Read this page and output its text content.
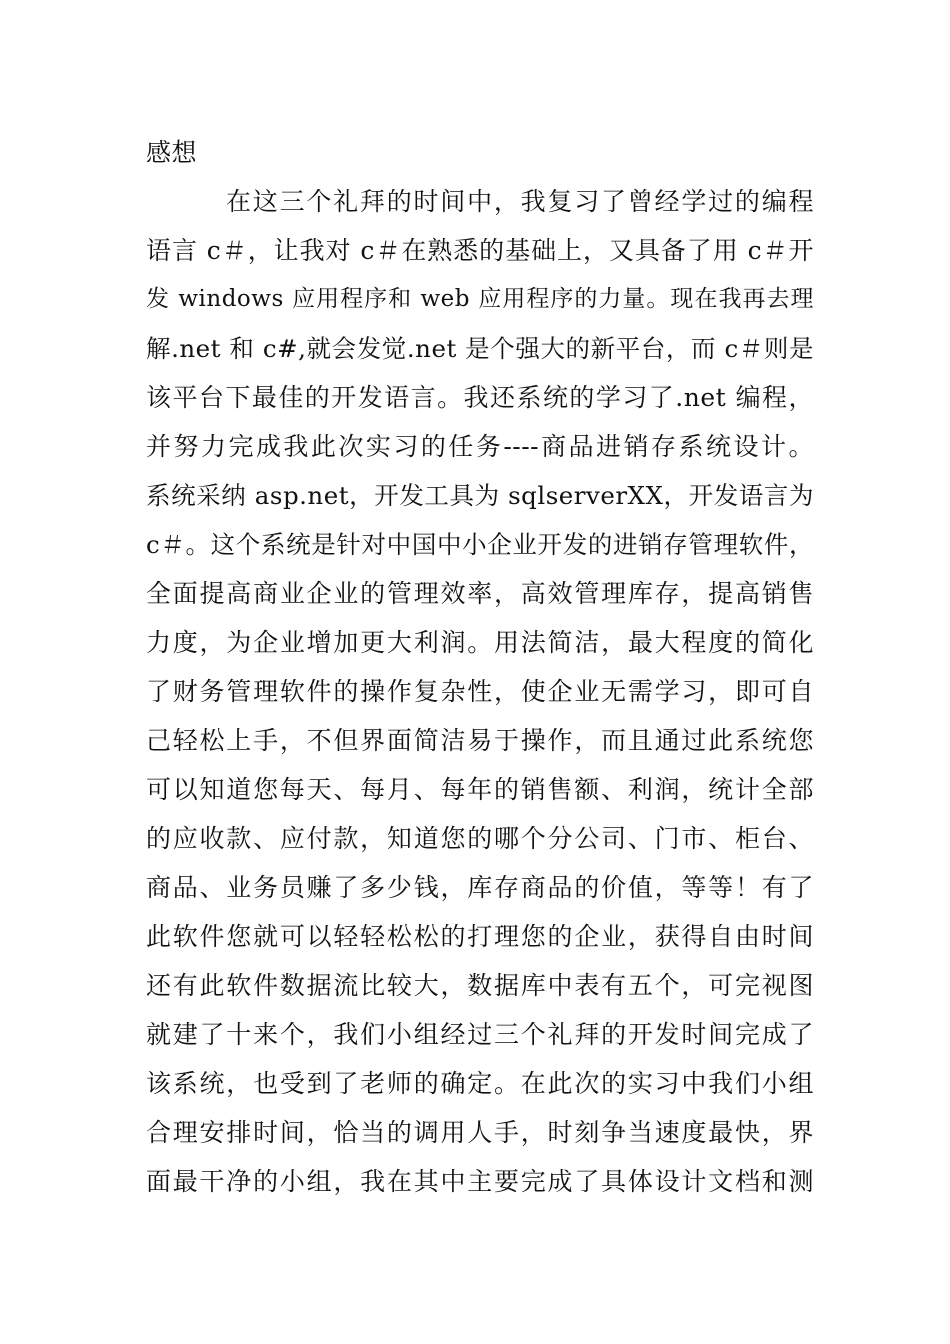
感想
在这三个礼拜的时间中，我复习了曾经学过的编程
语言 c＃，让我对 c＃在熟悉的基础上，又具备了用 c＃开
发 windows 应用程序和 web 应用程序的力量。现在我再去理
解.net 和 c#,就会发觉.net 是个强大的新平台，而 c＃则是
该平台下最佳的开发语言。我还系统的学习了.net 编程，
并努力完成我此次实习的任务----商品进销存系统设计。
系统采纳 asp.net，开发工具为 sqlserverXX，开发语言为
c＃。这个系统是针对中国中小企业开发的进销存管理软件，
全面提高商业企业的管理效率，高效管理库存，提高销售
力度，为企业增加更大利润。用法简洁，最大程度的简化
了财务管理软件的操作复杂性，使企业无需学习，即可自
己轻松上手，不但界面简洁易于操作，而且通过此系统您
可以知道您每天、每月、每年的销售额、利润，统计全部
的应收款、应付款，知道您的哪个分公司、门市、柜台、
商品、业务员赚了多少钱，库存商品的价值，等等！有了
此软件您就可以轻轻松松的打理您的企业，获得自由时间
还有此软件数据流比较大，数据库中表有五个，可完视图
就建了十来个，我们小组经过三个礼拜的开发时间完成了
该系统，也受到了老师的确定。在此次的实习中我们小组
合理安排时间，恰当的调用人手，时刻争当速度最快，界
面最干净的小组，我在其中主要完成了具体设计文档和测
